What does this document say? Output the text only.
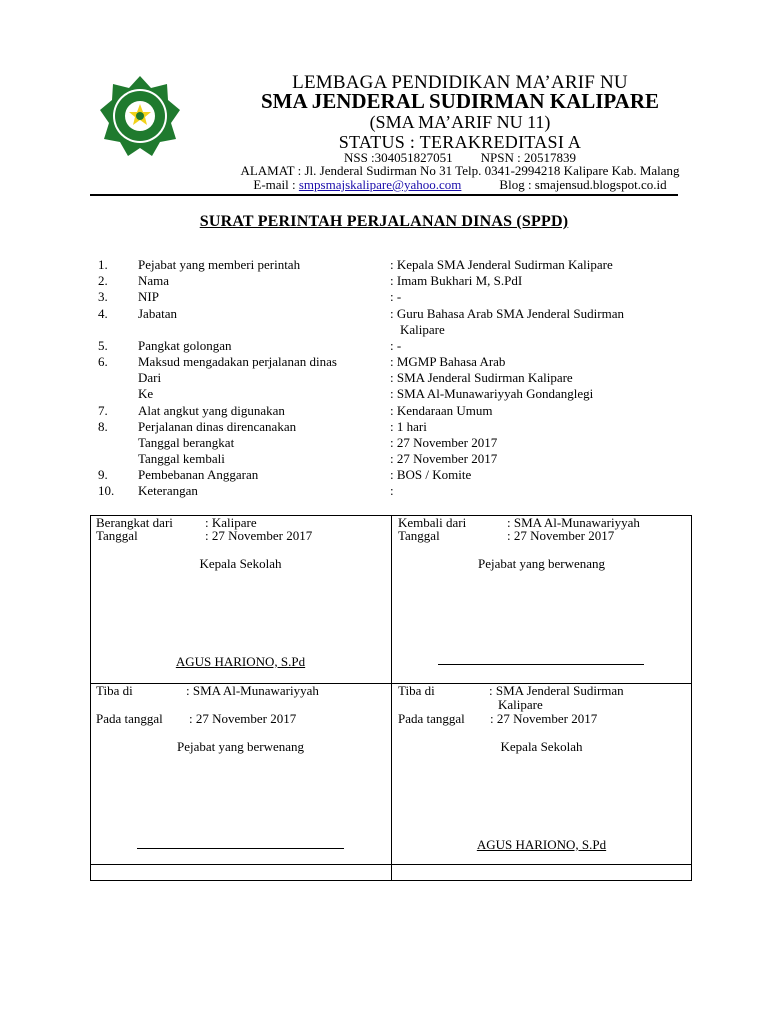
LEMBAGA PENDIDIKAN MA’ARIF NU
SMA JENDERAL SUDIRMAN KALIPARE
(SMA MA’ARIF NU 11)
STATUS : TERAKREDITASI A
NSS :304051827051 NPSN : 20517839
ALAMAT : Jl. Jenderal Sudirman No 31 Telp. 0341-2994218 Kalipare Kab. Malang
E-mail : smpsmajskalipare@yahoo.com	Blog : smajensud.blogspot.co.id
SURAT PERINTAH PERJALANAN DINAS (SPPD)
1. Pejabat yang memberi perintah	: Kepala SMA Jenderal Sudirman Kalipare
2. Nama	: Imam Bukhari M, S.PdI
3. NIP	: -
4. Jabatan	: Guru Bahasa Arab SMA Jenderal Sudirman
Kalipare
5. Pangkat golongan	: -
6. Maksud mengadakan perjalanan dinas	: MGMP Bahasa Arab
Dari	: SMA Jenderal Sudirman Kalipare
Ke	: SMA Al-Munawariyyah Gondanglegi
7. Alat angkut yang digunakan	: Kendaraan Umum
8. Perjalanan dinas direncanakan	: 1 hari
Tanggal berangkat	: 27 November 2017
Tanggal kembali	: 27 November 2017
9. Pembebanan Anggaran	: BOS / Komite
10. Keterangan	:
Berangkat dari : Kalipare
Tanggal	: 27 November 2017
Kepala Sekolah
AGUS HARIONO, S.Pd
Kembali dari	: SMA Al-Munawariyyah
Tanggal	: 27 November 2017
Pejabat yang berwenang
Tiba di	: SMA Al-Munawariyyah
Pada tanggal : 27 November 2017
Pejabat yang berwenang
Tiba di	: SMA Jenderal Sudirman
Kalipare
Pada tanggal : 27 November 2017
Kepala Sekolah
AGUS HARIONO, S.Pd
